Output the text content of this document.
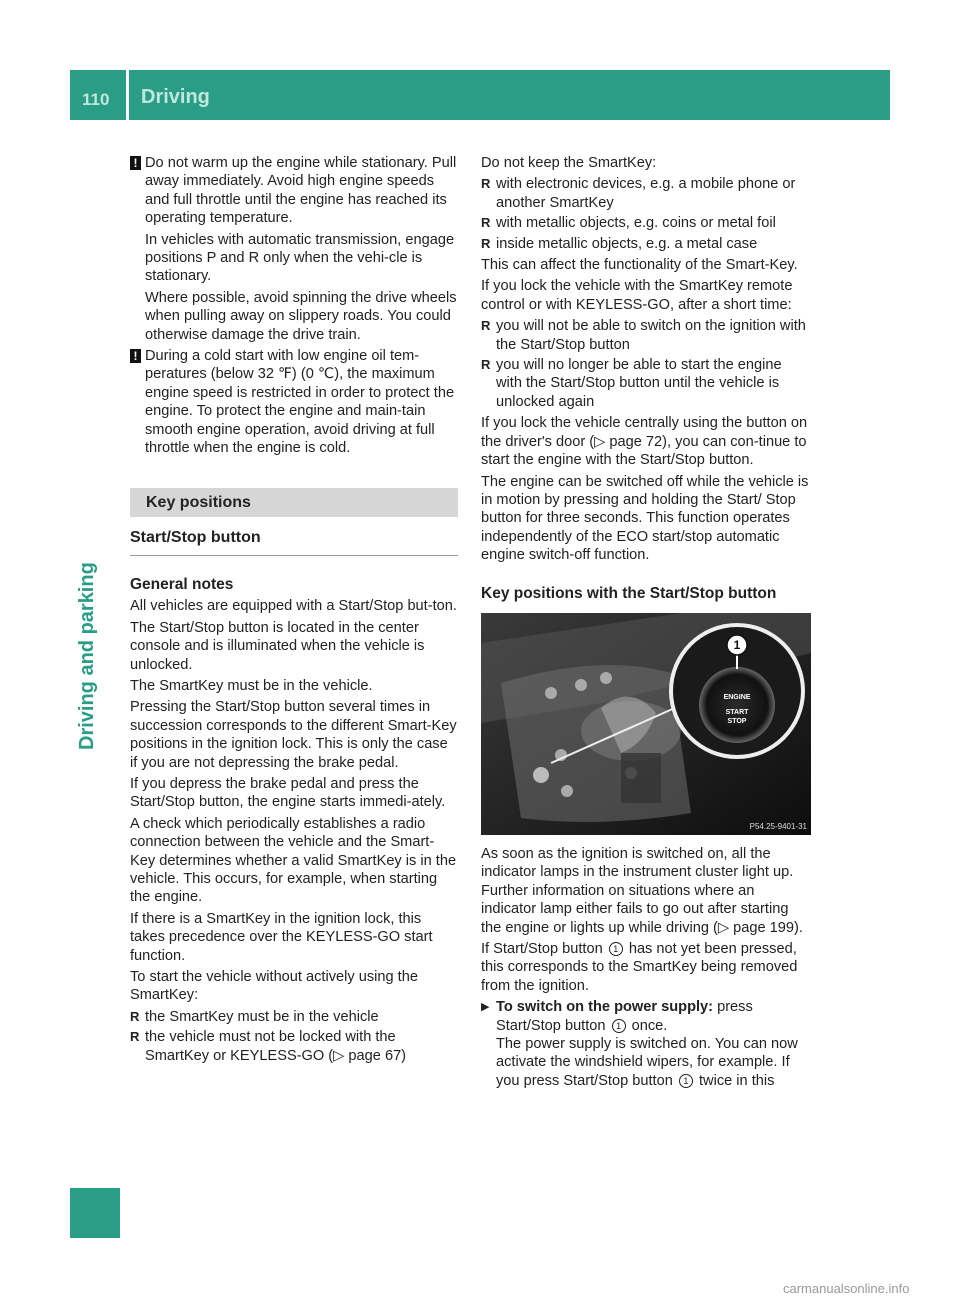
110 Driving
Driving and parking
! Do not warm up the engine while stationary. Pull away immediately. Avoid high engine speeds and full throttle until the engine has reached its operating temperature.

In vehicles with automatic transmission, engage positions P and R only when the vehi-cle is stationary.

Where possible, avoid spinning the drive wheels when pulling away on slippery roads. You could otherwise damage the drive train.

! During a cold start with low engine oil tem-peratures (below 32 ℉) (0 ℃), the maximum engine speed is restricted in order to protect the engine. To protect the engine and main-tain smooth engine operation, avoid driving at full throttle when the engine is cold.

Key positions
Start/Stop button
General notes

All vehicles are equipped with a Start/Stop but-ton.

The Start/Stop button is located in the center console and is illuminated when the vehicle is unlocked.

The SmartKey must be in the vehicle.

Pressing the Start/Stop button several times in succession corresponds to the different Smart-Key positions in the ignition lock. This is only the case if you are not depressing the brake pedal.

If you depress the brake pedal and press the Start/Stop button, the engine starts immedi-ately.

A check which periodically establishes a radio connection between the vehicle and the Smart-Key determines whether a valid SmartKey is in the vehicle. This occurs, for example, when starting the engine.

If there is a SmartKey in the ignition lock, this takes precedence over the KEYLESS-GO start function.

To start the vehicle without actively using the SmartKey:

R the SmartKey must be in the vehicle
R the vehicle must not be locked with the SmartKey or KEYLESS-GO (▷ page 67)

Do not keep the SmartKey:

R with electronic devices, e.g. a mobile phone or another SmartKey
R with metallic objects, e.g. coins or metal foil
R inside metallic objects, e.g. a metal case

This can affect the functionality of the Smart-Key.

If you lock the vehicle with the SmartKey remote control or with KEYLESS-GO, after a short time:

R you will not be able to switch on the ignition with the Start/Stop button
R you will no longer be able to start the engine with the Start/Stop button until the vehicle is unlocked again

If you lock the vehicle centrally using the button on the driver's door (▷ page 72), you can con-tinue to start the engine with the Start/Stop button.

The engine can be switched off while the vehicle is in motion by pressing and holding the Start/ Stop button for three seconds. This function operates independently of the ECO start/stop automatic engine switch-off function.

Key positions with the Start/Stop button
ENGINE
START
STOP
1
P54.25-9401-31

As soon as the ignition is switched on, all the indicator lamps in the instrument cluster light up. Further information on situations where an indicator lamp either fails to go out after starting the engine or lights up while driving (▷ page 199).

If Start/Stop button 1 has not yet been pressed, this corresponds to the SmartKey being removed from the ignition.

▶ To switch on the power supply: press Start/Stop button 1 once.
The power supply is switched on. You can now activate the windshield wipers, for example. If you press Start/Stop button 1 twice in this

carmanualsonline.info
